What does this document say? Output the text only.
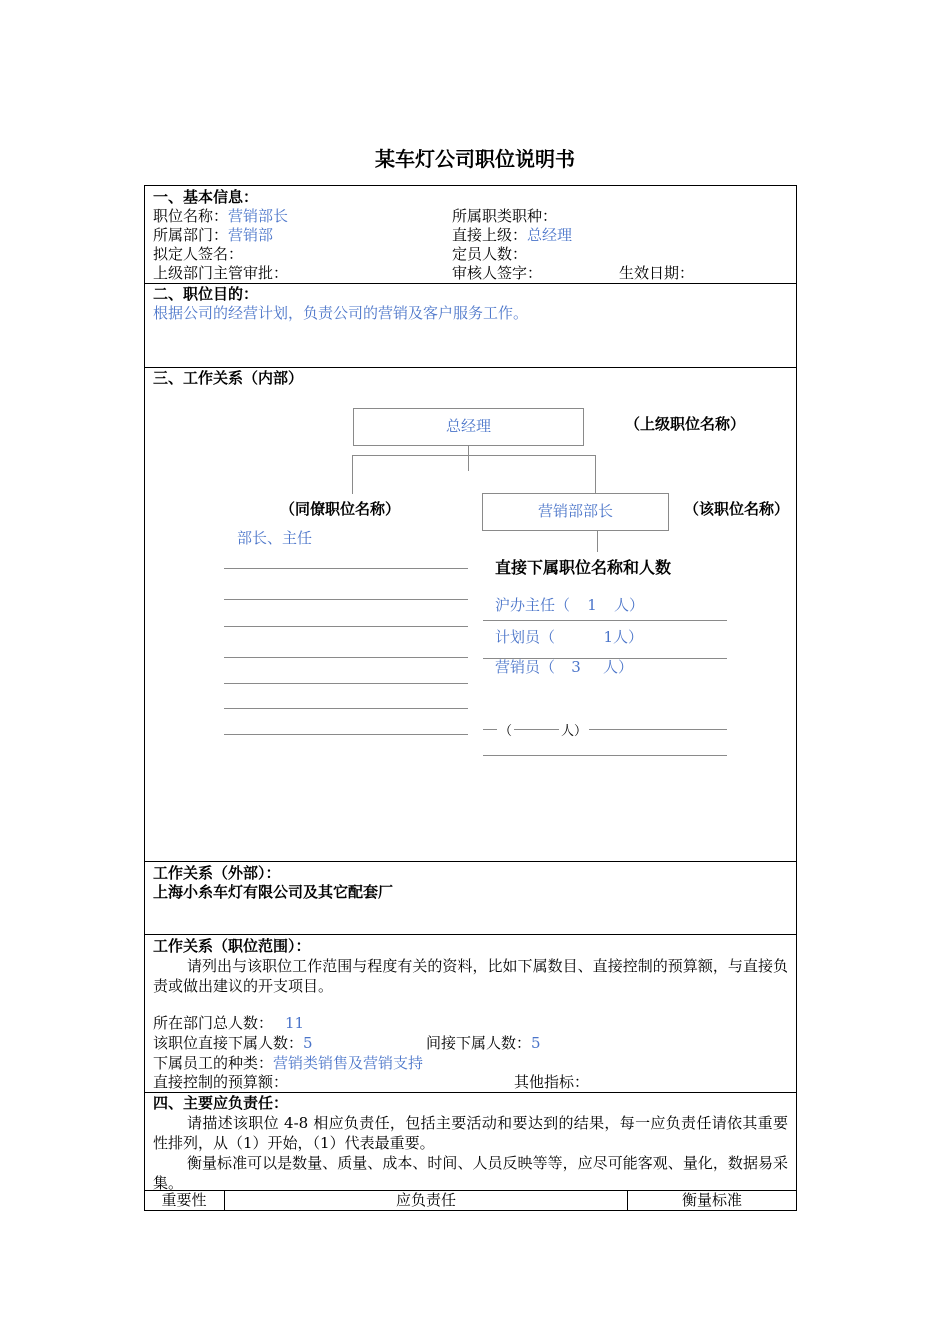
某车灯公司职位说明书
一、基本信息：
职位名称：营销部长	所属职类职种：
所属部门：营销部	直接上级：总经理
拟定人签名：	定员人数：
上级部门主管审批：	审核人签字：	生效日期：
二、职位目的：
根据公司的经营计划，负责公司的营销及客户服务工作。
三、工作关系（内部）
总经理	（上级职位名称）
（同僚职位名称）	营销部部长	（该职位名称）
部长、主任
直接下属职位名称和人数
沪办主任（ 1 人）
计划员（	1人）
营销员（ 3 人）
（	人）
工作关系（外部）：
上海小糸车灯有限公司及其它配套厂
工作关系（职位范围）：
请列出与该职位工作范围与程度有关的资料，比如下属数目、直接控制的预算额，与直接负责或做出建议的开支项目。
所在部门总人数： 11
该职位直接下属人数：5	间接下属人数：5
下属员工的种类：营销类销售及营销支持
直接控制的预算额：	其他指标：
四、主要应负责任：
请描述该职位 4-8 相应负责任，包括主要活动和要达到的结果，每一应负责任请依其重要性排列，从（1）开始，（1）代表最重要。
衡量标准可以是数量、质量、成本、时间、人员反映等等，应尽可能客观、量化，数据易采集。
重要性	应负责任	衡量标准
